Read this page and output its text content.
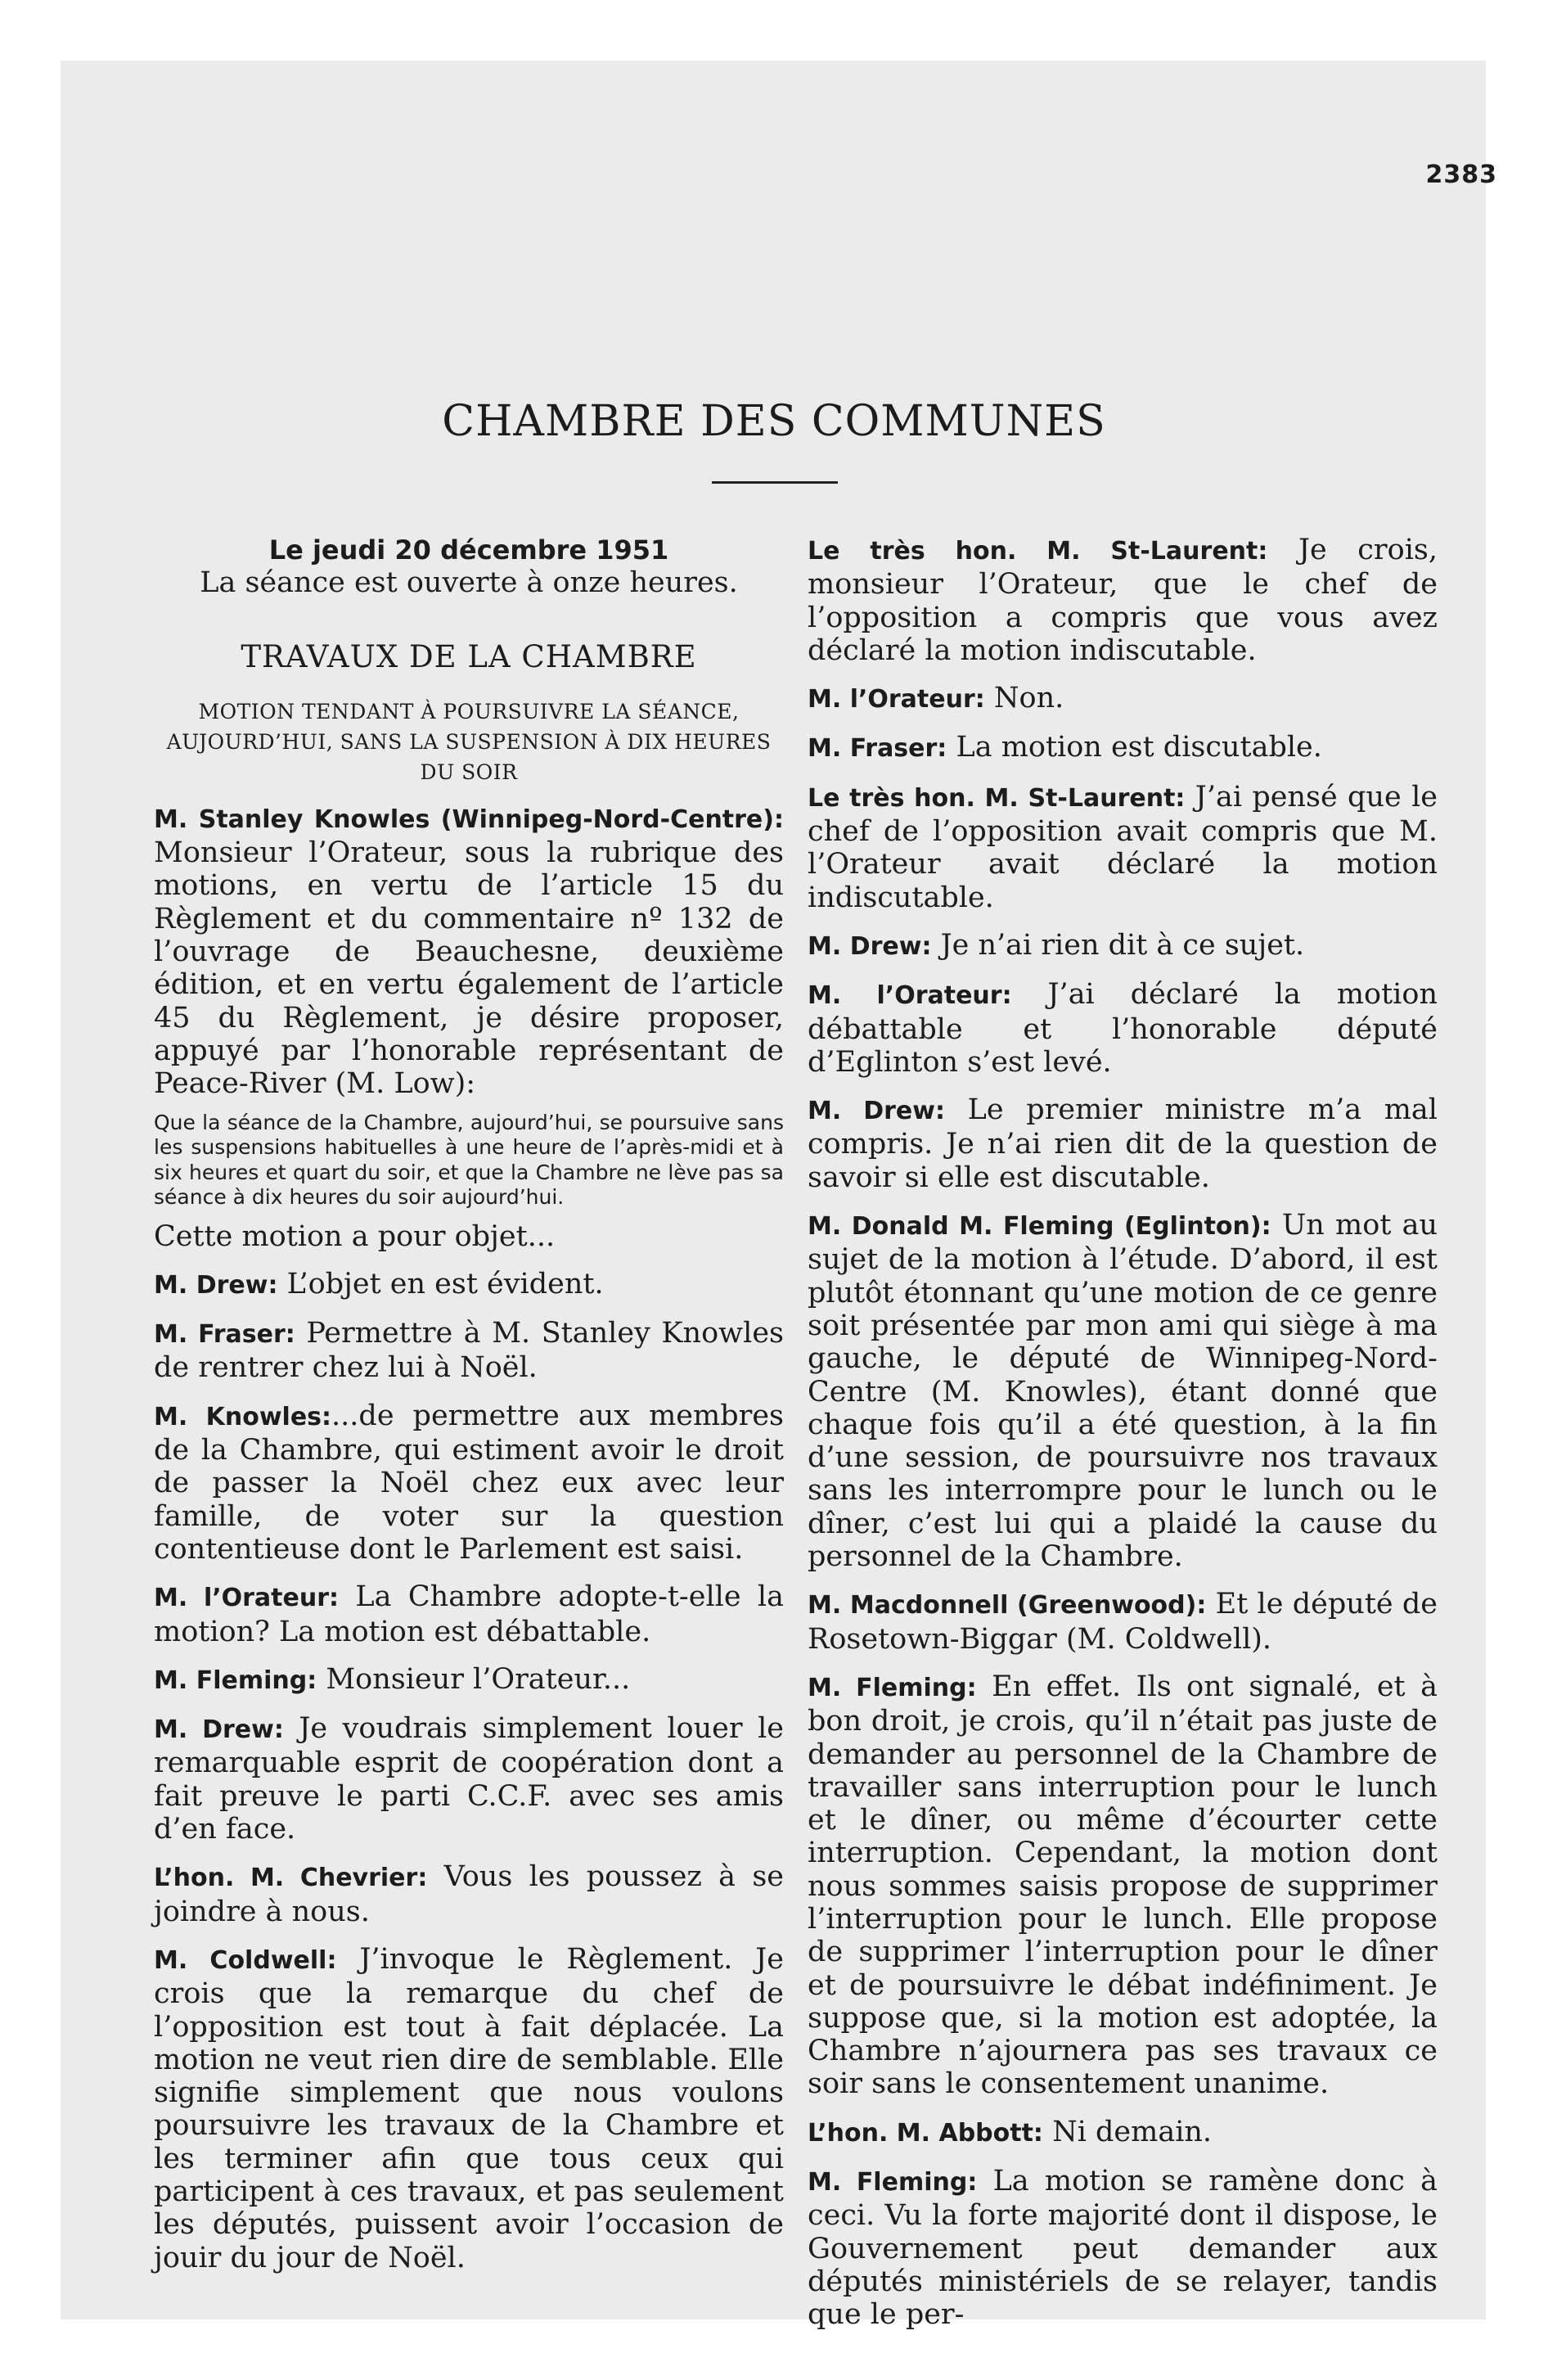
2383
CHAMBRE DES COMMUNES

Le jeudi 20 décembre 1951

La séance est ouverte à onze heures.

TRAVAUX DE LA CHAMBRE

MOTION TENDANT À POURSUIVRE LA SÉANCE, AUJOURD’HUI, SANS LA SUSPENSION À DIX HEURES DU SOIR

M. Stanley Knowles (Winnipeg-Nord-Centre): Monsieur l’Orateur, sous la rubrique des motions, en vertu de l’article 15 du Règlement et du commentaire nº 132 de l’ouvrage de Beauchesne, deuxième édition, et en vertu également de l’article 45 du Règlement, je désire proposer, appuyé par l’honorable représentant de Peace-River (M. Low):

Que la séance de la Chambre, aujourd’hui, se poursuive sans les suspensions habituelles à une heure de l’après-midi et à six heures et quart du soir, et que la Chambre ne lève pas sa séance à dix heures du soir aujourd’hui.

Cette motion a pour objet...

M. Drew: L’objet en est évident.

M. Fraser: Permettre à M. Stanley Knowles de rentrer chez lui à Noël.

M. Knowles:...de permettre aux membres de la Chambre, qui estiment avoir le droit de passer la Noël chez eux avec leur famille, de voter sur la question contentieuse dont le Parlement est saisi.

M. l’Orateur: La Chambre adopte-t-elle la motion? La motion est débattable.

M. Fleming: Monsieur l’Orateur...

M. Drew: Je voudrais simplement louer le remarquable esprit de coopération dont a fait preuve le parti C.C.F. avec ses amis d’en face.

L’hon. M. Chevrier: Vous les poussez à se joindre à nous.

M. Coldwell: J’invoque le Règlement. Je crois que la remarque du chef de l’opposition est tout à fait déplacée. La motion ne veut rien dire de semblable. Elle signifie simplement que nous voulons poursuivre les travaux de la Chambre et les terminer afin que tous ceux qui participent à ces travaux, et pas seulement les députés, puissent avoir l’occasion de jouir du jour de Noël.

Le très hon. M. St-Laurent: Je crois, monsieur l’Orateur, que le chef de l’opposition a compris que vous avez déclaré la motion indiscutable.

M. l’Orateur: Non.

M. Fraser: La motion est discutable.

Le très hon. M. St-Laurent: J’ai pensé que le chef de l’opposition avait compris que M. l’Orateur avait déclaré la motion indiscutable.

M. Drew: Je n’ai rien dit à ce sujet.

M. l’Orateur: J’ai déclaré la motion débattable et l’honorable député d’Eglinton s’est levé.

M. Drew: Le premier ministre m’a mal compris. Je n’ai rien dit de la question de savoir si elle est discutable.

M. Donald M. Fleming (Eglinton): Un mot au sujet de la motion à l’étude. D’abord, il est plutôt étonnant qu’une motion de ce genre soit présentée par mon ami qui siège à ma gauche, le député de Winnipeg-Nord-Centre (M. Knowles), étant donné que chaque fois qu’il a été question, à la fin d’une session, de poursuivre nos travaux sans les interrompre pour le lunch ou le dîner, c’est lui qui a plaidé la cause du personnel de la Chambre.

M. Macdonnell (Greenwood): Et le député de Rosetown-Biggar (M. Coldwell).

M. Fleming: En effet. Ils ont signalé, et à bon droit, je crois, qu’il n’était pas juste de demander au personnel de la Chambre de travailler sans interruption pour le lunch et le dîner, ou même d’écourter cette interruption. Cependant, la motion dont nous sommes saisis propose de supprimer l’interruption pour le lunch. Elle propose de supprimer l’interruption pour le dîner et de poursuivre le débat indéfiniment. Je suppose que, si la motion est adoptée, la Chambre n’ajournera pas ses travaux ce soir sans le consentement unanime.

L’hon. M. Abbott: Ni demain.

M. Fleming: La motion se ramène donc à ceci. Vu la forte majorité dont il dispose, le Gouvernement peut demander aux députés ministériels de se relayer, tandis que le per-
